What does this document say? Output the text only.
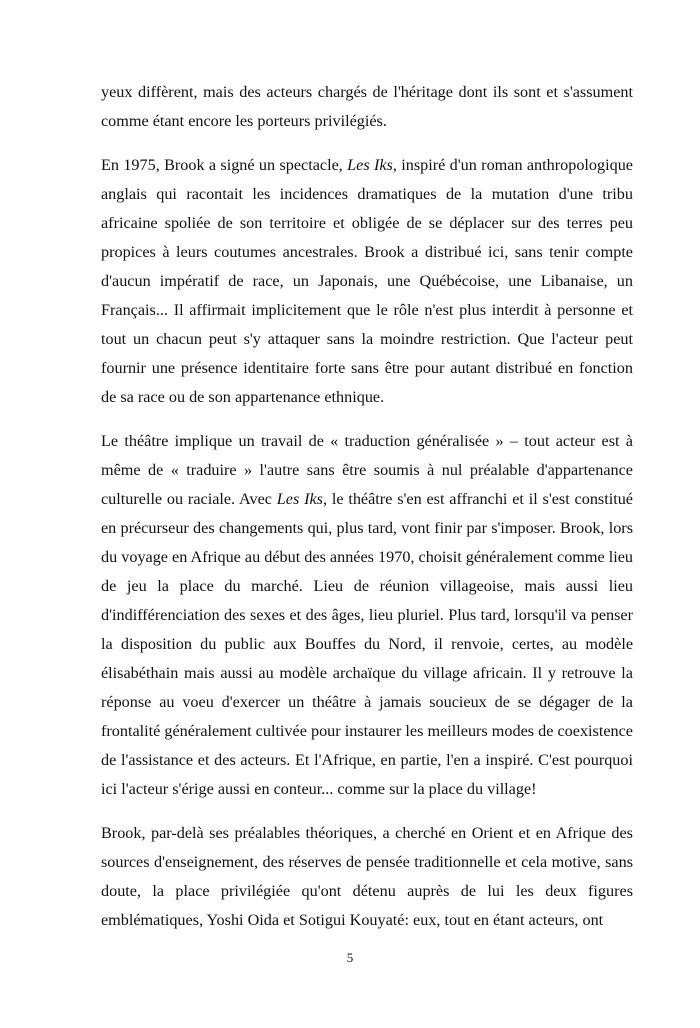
yeux diffèrent, mais des acteurs chargés de l'héritage dont ils sont et s'assument comme étant encore les porteurs privilégiés.

En 1975, Brook a signé un spectacle, Les Iks, inspiré d'un roman anthropologique anglais qui racontait les incidences dramatiques de la mutation d'une tribu africaine spoliée de son territoire et obligée de se déplacer sur des terres peu propices à leurs coutumes ancestrales. Brook a distribué ici, sans tenir compte d'aucun impératif de race, un Japonais, une Québécoise, une Libanaise, un Français... Il affirmait implicitement que le rôle n'est plus interdit à personne et tout un chacun peut s'y attaquer sans la moindre restriction. Que l'acteur peut fournir une présence identitaire forte sans être pour autant distribué en fonction de sa race ou de son appartenance ethnique.

Le théâtre implique un travail de « traduction généralisée » – tout acteur est à même de « traduire » l'autre sans être soumis à nul préalable d'appartenance culturelle ou raciale. Avec Les Iks, le théâtre s'en est affranchi et il s'est constitué en précurseur des changements qui, plus tard, vont finir par s'imposer. Brook, lors du voyage en Afrique au début des années 1970, choisit généralement comme lieu de jeu la place du marché. Lieu de réunion villageoise, mais aussi lieu d'indifférenciation des sexes et des âges, lieu pluriel. Plus tard, lorsqu'il va penser la disposition du public aux Bouffes du Nord, il renvoie, certes, au modèle élisabéthain mais aussi au modèle archaïque du village africain. Il y retrouve la réponse au voeu d'exercer un théâtre à jamais soucieux de se dégager de la frontalité généralement cultivée pour instaurer les meilleurs modes de coexistence de l'assistance et des acteurs. Et l'Afrique, en partie, l'en a inspiré. C'est pourquoi ici l'acteur s'érige aussi en conteur... comme sur la place du village!

Brook, par-delà ses préalables théoriques, a cherché en Orient et en Afrique des sources d'enseignement, des réserves de pensée traditionnelle et cela motive, sans doute, la place privilégiée qu'ont détenu auprès de lui les deux figures emblématiques, Yoshi Oida et Sotigui Kouyaté: eux, tout en étant acteurs, ont

5
